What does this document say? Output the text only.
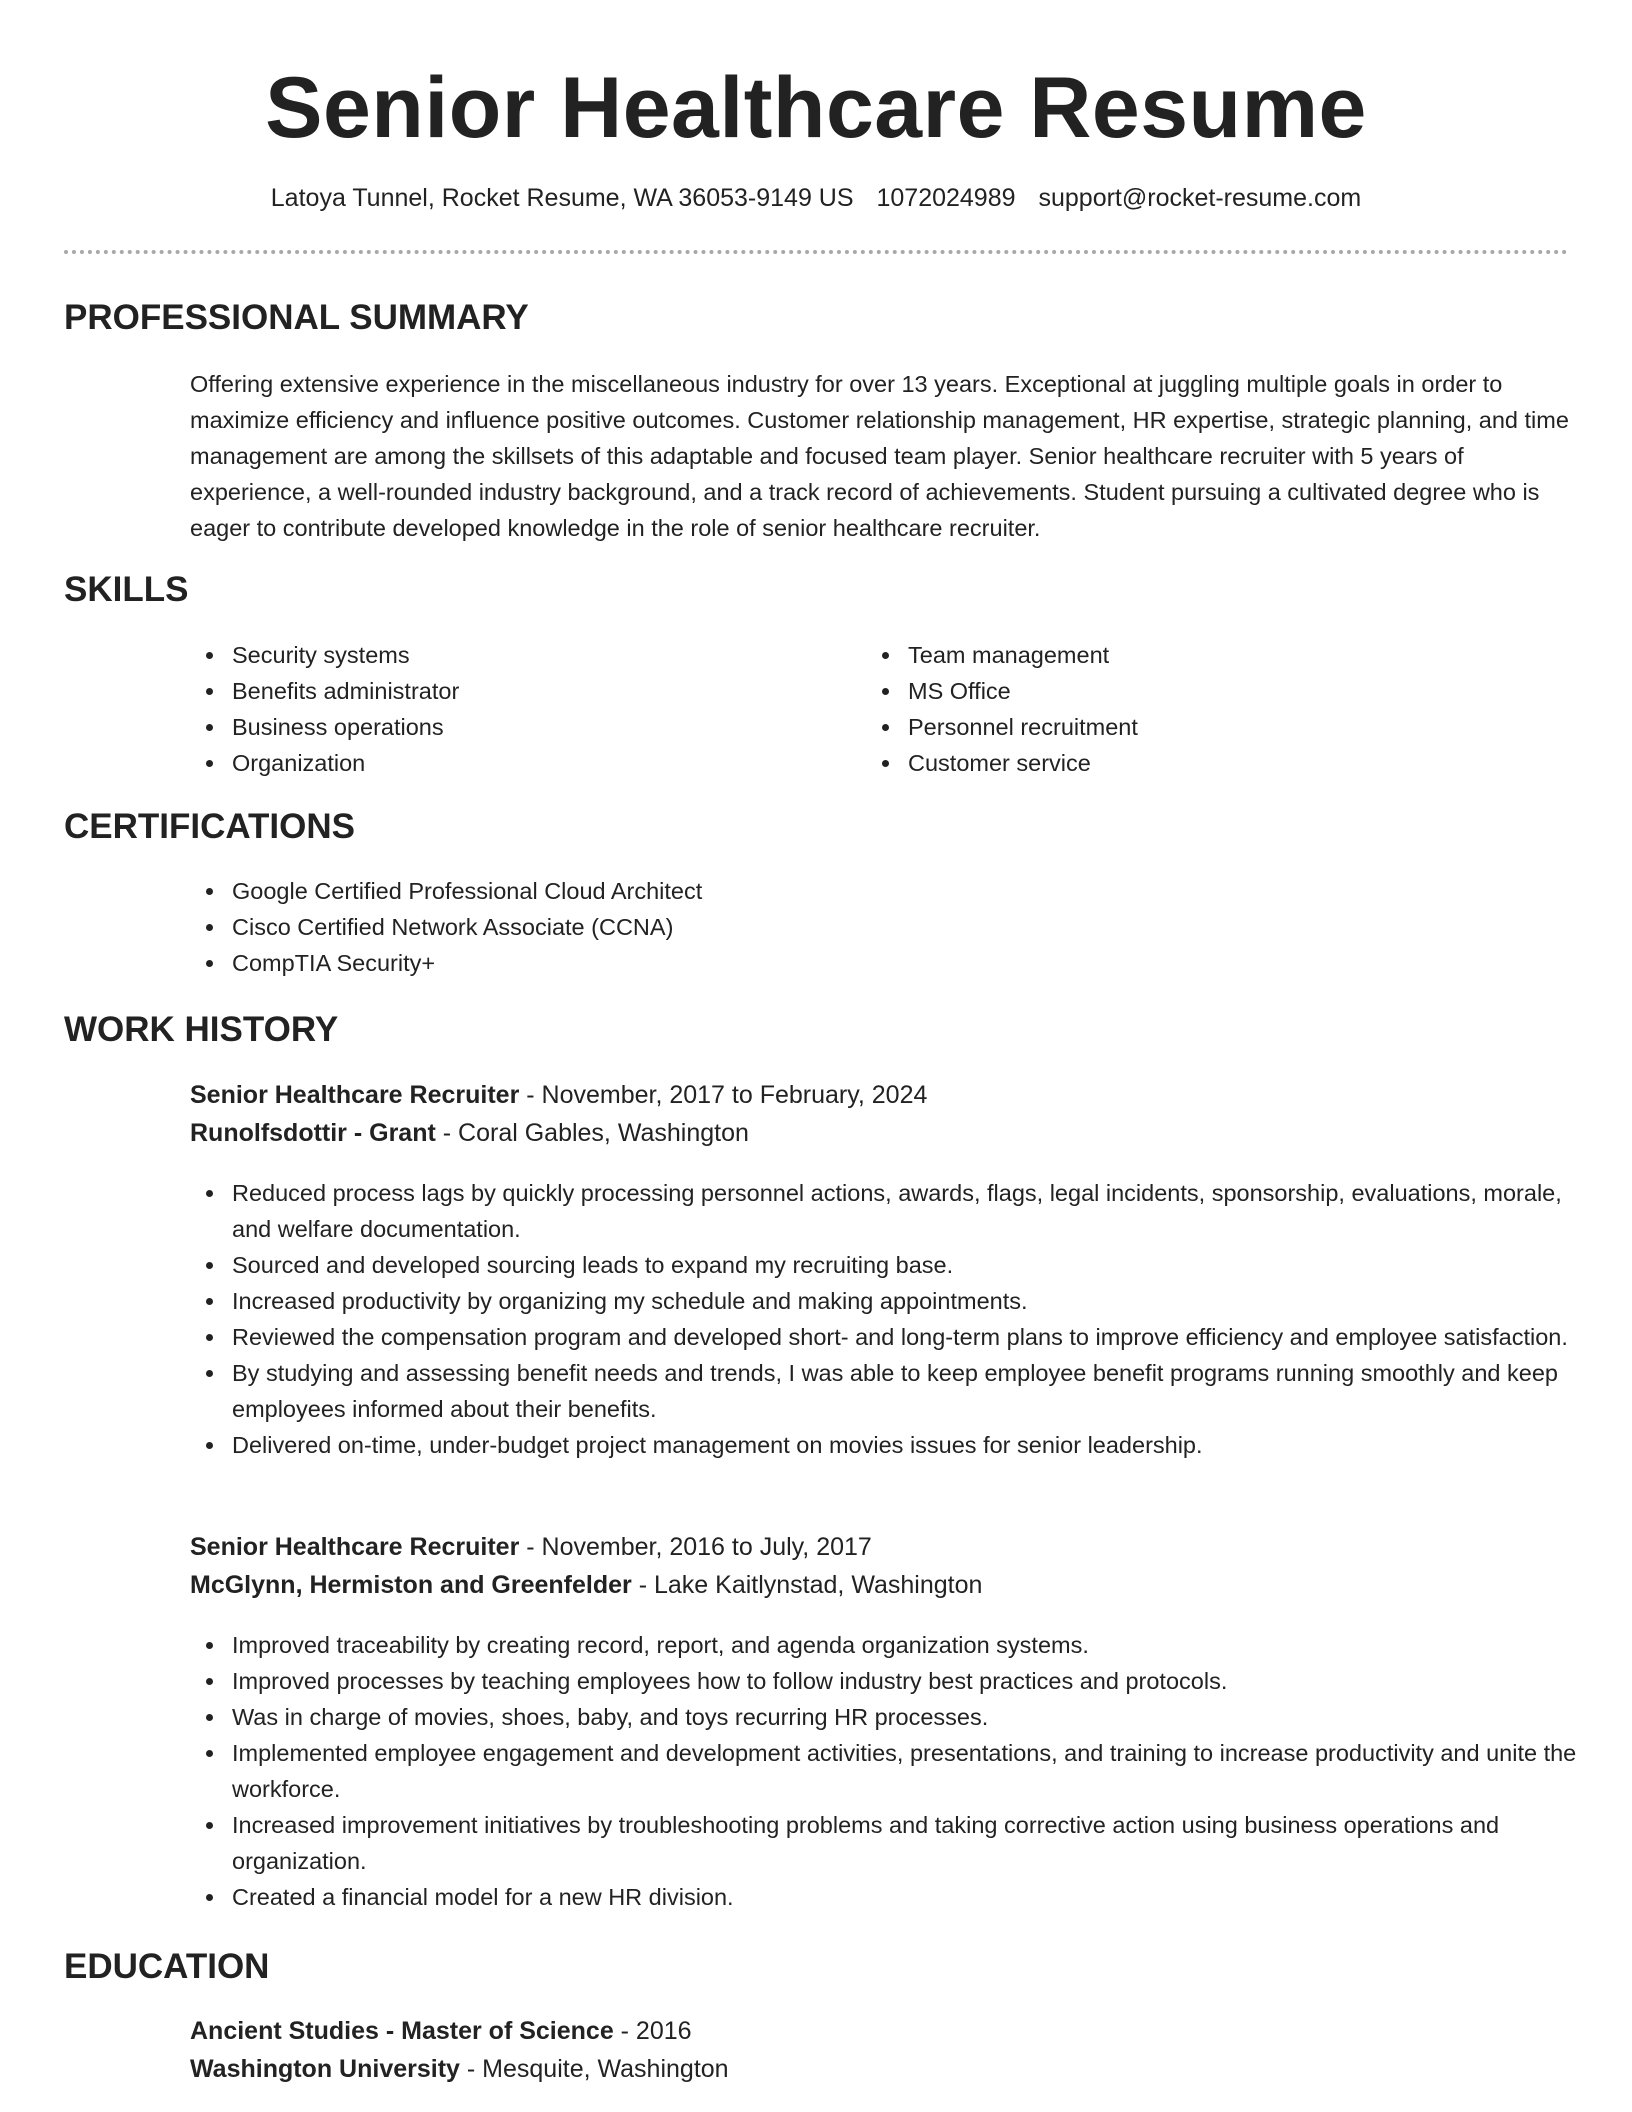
Senior Healthcare Resume
Latoya Tunnel, Rocket Resume, WA 36053-9149 US 1072024989 support@rocket-resume.com
PROFESSIONAL SUMMARY

Offering extensive experience in the miscellaneous industry for over 13 years. Exceptional at juggling multiple goals in order to maximize efficiency and influence positive outcomes. Customer relationship management, HR expertise, strategic planning, and time management are among the skillsets of this adaptable and focused team player. Senior healthcare recruiter with 5 years of experience, a well-rounded industry background, and a track record of achievements. Student pursuing a cultivated degree who is eager to contribute developed knowledge in the role of senior healthcare recruiter.

SKILLS
Security systems
Benefits administrator
Business operations
Organization
Team management
MS Office
Personnel recruitment
Customer service
CERTIFICATIONS
Google Certified Professional Cloud Architect
Cisco Certified Network Associate (CCNA)
CompTIA Security+
WORK HISTORY
Senior Healthcare Recruiter - November, 2017 to February, 2024
Runolfsdottir - Grant - Coral Gables, Washington
Reduced process lags by quickly processing personnel actions, awards, flags, legal incidents, sponsorship, evaluations, morale, and welfare documentation.
Sourced and developed sourcing leads to expand my recruiting base.
Increased productivity by organizing my schedule and making appointments.
Reviewed the compensation program and developed short- and long-term plans to improve efficiency and employee satisfaction.
By studying and assessing benefit needs and trends, I was able to keep employee benefit programs running smoothly and keep employees informed about their benefits.
Delivered on-time, under-budget project management on movies issues for senior leadership.
Senior Healthcare Recruiter - November, 2016 to July, 2017
McGlynn, Hermiston and Greenfelder - Lake Kaitlynstad, Washington
Improved traceability by creating record, report, and agenda organization systems.
Improved processes by teaching employees how to follow industry best practices and protocols.
Was in charge of movies, shoes, baby, and toys recurring HR processes.
Implemented employee engagement and development activities, presentations, and training to increase productivity and unite the workforce.
Increased improvement initiatives by troubleshooting problems and taking corrective action using business operations and organization.
Created a financial model for a new HR division.
EDUCATION
Ancient Studies - Master of Science - 2016
Washington University - Mesquite, Washington
